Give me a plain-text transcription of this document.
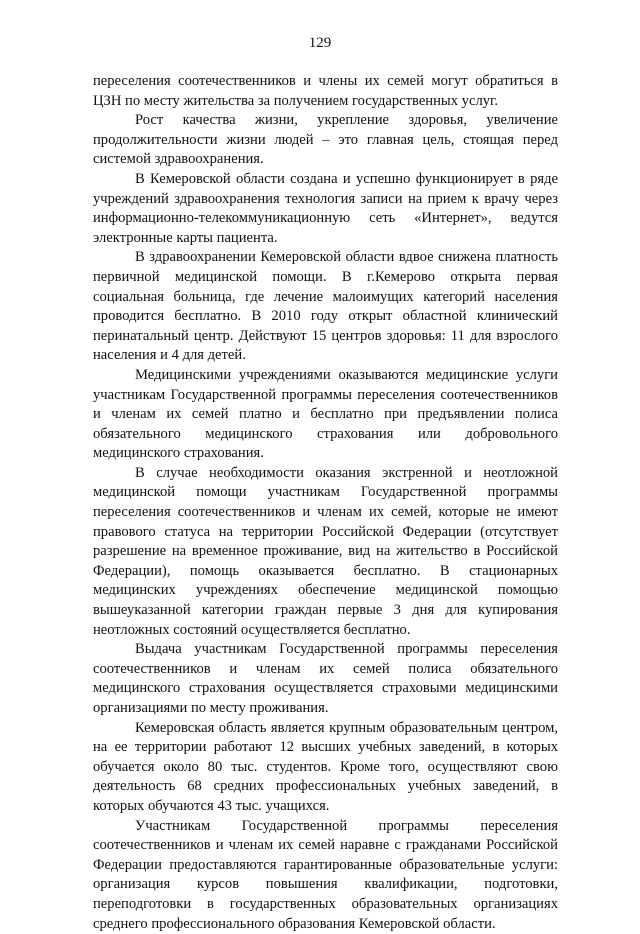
129

переселения соотечественников и члены их семей могут обратиться в ЦЗН по месту жительства за получением государственных услуг.

Рост качества жизни, укрепление здоровья, увеличение продолжительности жизни людей – это главная цель, стоящая перед системой здравоохранения.

В Кемеровской области создана и успешно функционирует в ряде учреждений здравоохранения технология записи на прием к врачу через информационно-телекоммуникационную сеть «Интернет», ведутся электронные карты пациента.

В здравоохранении Кемеровской области вдвое снижена платность первичной медицинской помощи. В г.Кемерово открыта первая социальная больница, где лечение малоимущих категорий населения проводится бесплатно. В 2010 году открыт областной клинический перинатальный центр. Действуют 15 центров здоровья: 11 для взрослого населения и 4 для детей.

Медицинскими учреждениями оказываются медицинские услуги участникам Государственной программы переселения соотечественников и членам их семей платно и бесплатно при предъявлении полиса обязательного медицинского страхования или добровольного медицинского страхования.

В случае необходимости оказания экстренной и неотложной медицинской помощи участникам Государственной программы переселения соотечественников и членам их семей, которые не имеют правового статуса на территории Российской Федерации (отсутствует разрешение на временное проживание, вид на жительство в Российской Федерации), помощь оказывается бесплатно. В стационарных медицинских учреждениях обеспечение медицинской помощью вышеуказанной категории граждан первые 3 дня для купирования неотложных состояний осуществляется бесплатно.

Выдача участникам Государственной программы переселения соотечественников и членам их семей полиса обязательного медицинского страхования осуществляется страховыми медицинскими организациями по месту проживания.

Кемеровская область является крупным образовательным центром, на ее территории работают 12 высших учебных заведений, в которых обучается около 80 тыс. студентов. Кроме того, осуществляют свою деятельность 68 средних профессиональных учебных заведений, в которых обучаются 43 тыс. учащихся.

Участникам Государственной программы переселения соотечественников и членам их семей наравне с гражданами Российской Федерации предоставляются гарантированные образовательные услуги: организация курсов повышения квалификации, подготовки, переподготовки в государственных образовательных организациях среднего профессионального образования Кемеровской области.
